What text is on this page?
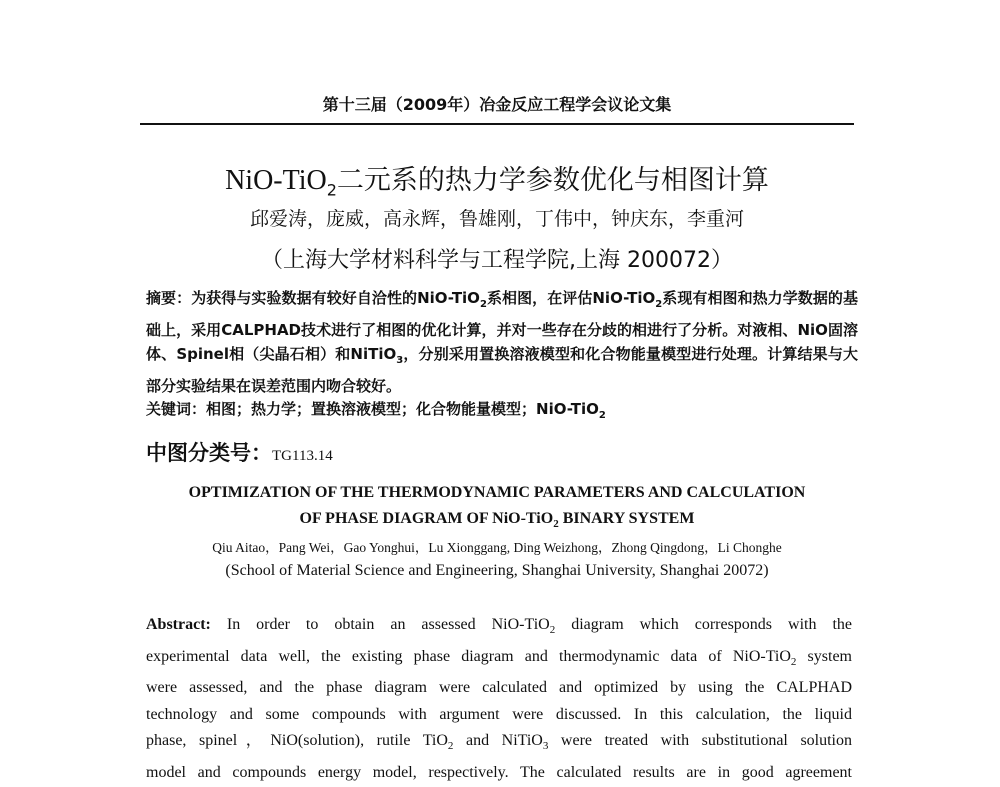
第十三届（2009年）冶金反应工程学会议论文集
NiO-TiO$_2$二元系的热力学参数优化与相图计算
邱爱涛，庞威，高永辉，鲁雄刚，丁伟中，钟庆东，李重河
（上海大学材料科学与工程学院,上海 200072）
摘要：为获得与实验数据有较好自洽性的NiO-TiO$_2$系相图，在评估NiO-TiO$_2$系现有相图和热力学数据的基础上，采用CALPHAD技术进行了相图的优化计算，并对一些存在分歧的相进行了分析。对液相、NiO固溶体、Spinel相（尖晶石相）和NiTiO$_3$，分别采用置换溶液模型和化合物能量模型进行处理。计算结果与大部分实验结果在误差范围内吻合较好。
关键词：相图；热力学；置换溶液模型；化合物能量模型；NiO-TiO$_2$
中图分类号：TG113.14
OPTIMIZATION OF THE THERMODYNAMIC PARAMETERS AND CALCULATION
OF PHASE DIAGRAM OF NiO-TiO$_2$ BINARY SYSTEM
Qiu Aitao，Pang Wei，Gao Yonghui，Lu Xionggang, Ding Weizhong，Zhong Qingdong，Li Chonghe
(School of Material Science and Engineering, Shanghai University, Shanghai 20072)
Abstract: In order to obtain an assessed NiO-TiO$_2$ diagram which corresponds with the
experimental data well, the existing phase diagram and thermodynamic data of NiO-TiO$_2$ system
were assessed, and the phase diagram were calculated and optimized by using the CALPHAD
technology and some compounds with argument were discussed. In this calculation, the liquid
phase, spinel，NiO(solution), rutile TiO$_2$ and NiTiO$_3$ were treated with substitutional solution
model and compounds energy model, respectively. The calculated results are in good agreement
